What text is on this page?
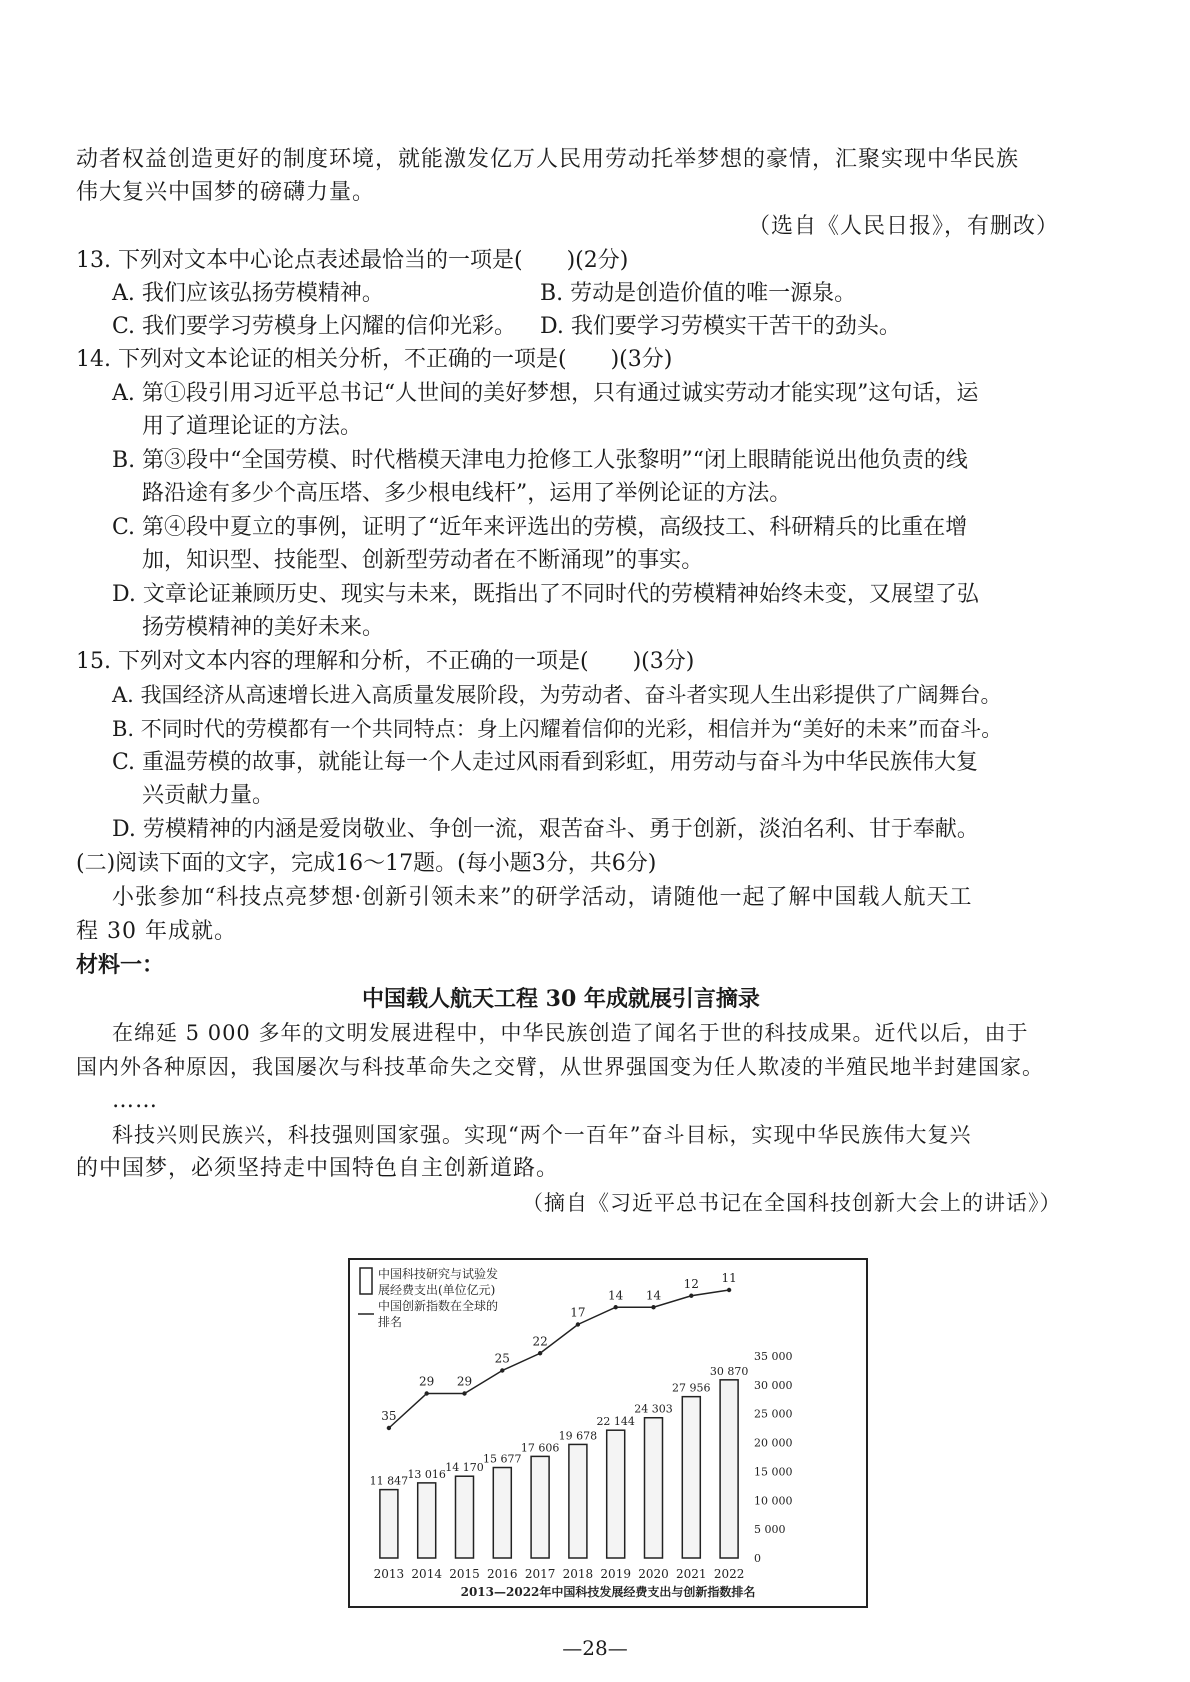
动者权益创造更好的制度环境，就能激发亿万人民用劳动托举梦想的豪情，汇聚实现中华民族
伟大复兴中国梦的磅礴力量。
（选自《人民日报》，有删改）
13. 下列对文本中心论点表述最恰当的一项是(　　)(2分)
A. 我们应该弘扬劳模精神。	B. 劳动是创造价值的唯一源泉。
C. 我们要学习劳模身上闪耀的信仰光彩。 D. 我们要学习劳模实干苦干的劲头。
14. 下列对文本论证的相关分析，不正确的一项是(　　)(3分)
A. 第①段引用习近平总书记“人世间的美好梦想，只有通过诚实劳动才能实现”这句话，运
用了道理论证的方法。
B. 第③段中“全国劳模、时代楷模天津电力抢修工人张黎明”“闭上眼睛能说出他负责的线
路沿途有多少个高压塔、多少根电线杆”，运用了举例论证的方法。
C. 第④段中夏立的事例，证明了“近年来评选出的劳模，高级技工、科研精兵的比重在增
加，知识型、技能型、创新型劳动者在不断涌现”的事实。
D. 文章论证兼顾历史、现实与未来，既指出了不同时代的劳模精神始终未变，又展望了弘
扬劳模精神的美好未来。
15. 下列对文本内容的理解和分析，不正确的一项是(　　)(3分)
A. 我国经济从高速增长进入高质量发展阶段，为劳动者、奋斗者实现人生出彩提供了广阔舞台。
B. 不同时代的劳模都有一个共同特点：身上闪耀着信仰的光彩，相信并为“美好的未来”而奋斗。
C. 重温劳模的故事，就能让每一个人走过风雨看到彩虹，用劳动与奋斗为中华民族伟大复
兴贡献力量。
D. 劳模精神的内涵是爱岗敬业、争创一流，艰苦奋斗、勇于创新，淡泊名利、甘于奉献。
(二)阅读下面的文字，完成16～17题。(每小题3分，共6分)
小张参加“科技点亮梦想·创新引领未来”的研学活动，请随他一起了解中国载人航天工
程 30 年成就。
材料一：
中国载人航天工程 30 年成就展引言摘录
在绵延 5 000 多年的文明发展进程中，中华民族创造了闻名于世的科技成果。近代以后，由于
国内外各种原因，我国屡次与科技革命失之交臂，从世界强国变为任人欺凌的半殖民地半封建国家。
……
科技兴则民族兴，科技强则国家强。实现“两个一百年”奋斗目标，实现中华民族伟大复兴
的中国梦，必须坚持走中国特色自主创新道路。
（摘自《习近平总书记在全国科技创新大会上的讲话》）
中国科技研究与试验发
展经费支出(单位亿元)
中国创新指数在全球的
排名
11 847
13 016
14 170
15 677
17 606
19 678
22 144
24 303
27 956
30 870
2013 2014 2015 2016 2017 2018 2019 2020 2021 2022
0
5 000
10 000
15 000
20 000
25 000
30 000
35 000
35
29 29
25
22
17
14 14
12 11
2013—2022年中国科技发展经费支出与创新指数排名
—28—
